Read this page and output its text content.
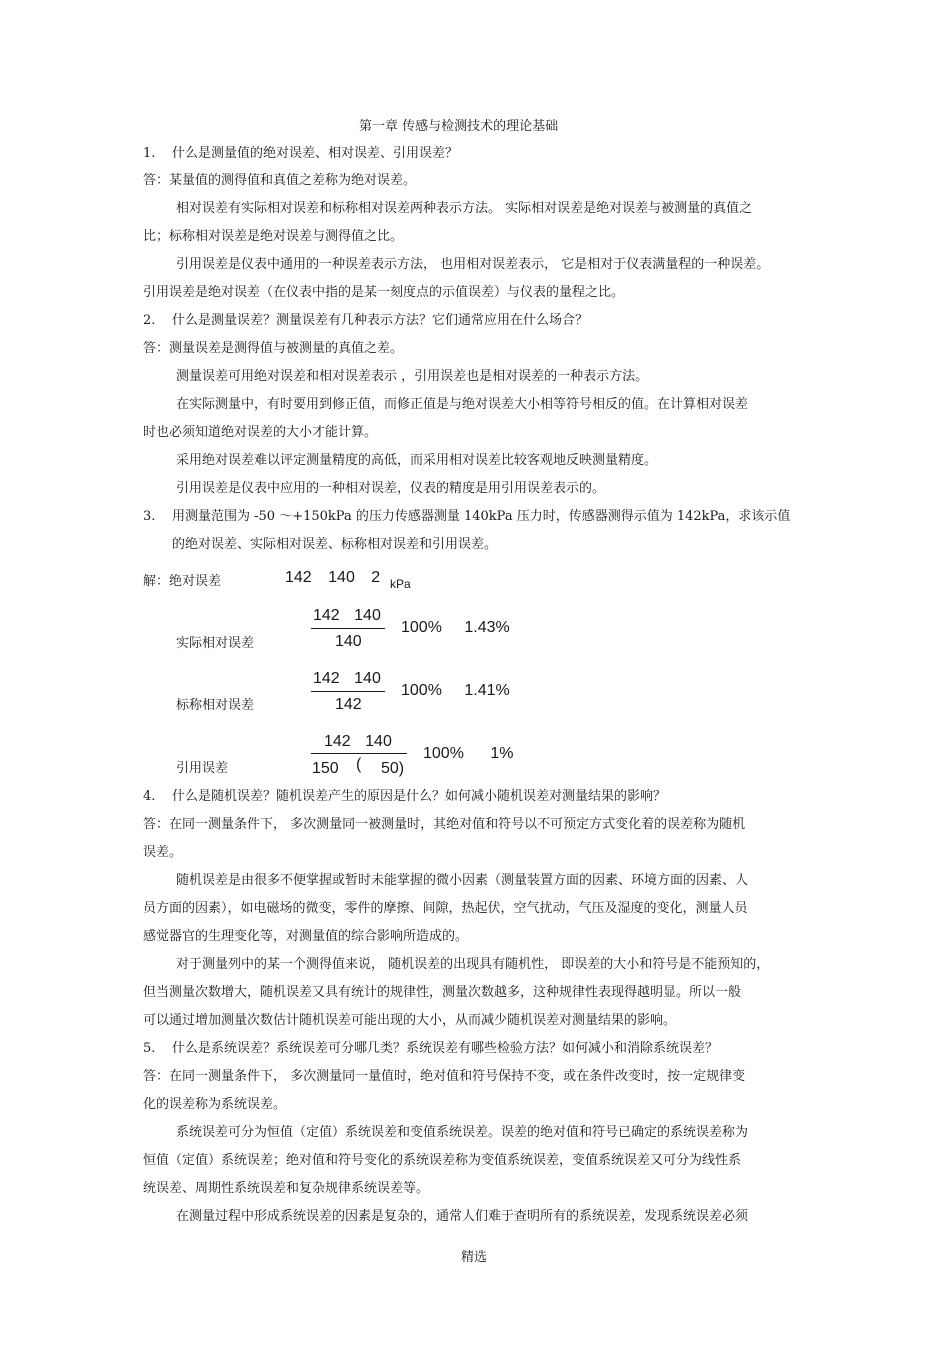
第一章 传感与检测技术的理论基础
1. 什么是测量值的绝对误差、相对误差、引用误差？
答：某量值的测得值和真值之差称为绝对误差。
相对误差有实际相对误差和标称相对误差两种表示方法。 实际相对误差是绝对误差与被测量的真值之
比；标称相对误差是绝对误差与测得值之比。
引用误差是仪表中通用的一种误差表示方法， 也用相对误差表示， 它是相对于仪表满量程的一种误差。
引用误差是绝对误差（在仪表中指的是某一刻度点的示值误差）与仪表的量程之比。
2. 什么是测量误差？测量误差有几种表示方法？它们通常应用在什么场合？
答：测量误差是测得值与被测量的真值之差。
测量误差可用绝对误差和相对误差表示 ，引用误差也是相对误差的一种表示方法。
在实际测量中，有时要用到修正值，而修正值是与绝对误差大小相等符号相反的值。在计算相对误差
时也必须知道绝对误差的大小才能计算。
采用绝对误差难以评定测量精度的高低，而采用相对误差比较客观地反映测量精度。
引用误差是仪表中应用的一种相对误差，仪表的精度是用引用误差表示的。
3. 用测量范围为 -50 ～+150kPa 的压力传感器测量 140kPa 压力时，传感器测得示值为 142kPa，求该示值
的绝对误差、实际相对误差、标称相对误差和引用误差。
解：绝对误差	142 140 2 kPa
实际相对误差
142 140
140
100% 1.43%
标称相对误差
142 140
142
100% 1.41%
引用误差
142 140
150 ( 50)
100% 1%
4. 什么是随机误差？随机误差产生的原因是什么？如何减小随机误差对测量结果的影响？
答：在同一测量条件下， 多次测量同一被测量时，其绝对值和符号以不可预定方式变化着的误差称为随机
误差。
随机误差是由很多不便掌握或暂时未能掌握的微小因素（测量装置方面的因素、环境方面的因素、人
员方面的因素），如电磁场的微变，零件的摩擦、间隙，热起伏，空气扰动，气压及湿度的变化，测量人员
感觉器官的生理变化等，对测量值的综合影响所造成的。
对于测量列中的某一个测得值来说， 随机误差的出现具有随机性， 即误差的大小和符号是不能预知的，
但当测量次数增大，随机误差又具有统计的规律性，测量次数越多，这种规律性表现得越明显。所以一般
可以通过增加测量次数估计随机误差可能出现的大小，从而减少随机误差对测量结果的影响。
5. 什么是系统误差？系统误差可分哪几类？系统误差有哪些检验方法？如何减小和消除系统误差？
答：在同一测量条件下， 多次测量同一量值时，绝对值和符号保持不变，或在条件改变时，按一定规律变
化的误差称为系统误差。
系统误差可分为恒值（定值）系统误差和变值系统误差。误差的绝对值和符号已确定的系统误差称为
恒值（定值）系统误差；绝对值和符号变化的系统误差称为变值系统误差，变值系统误差又可分为线性系
统误差、周期性系统误差和复杂规律系统误差等。
在测量过程中形成系统误差的因素是复杂的，通常人们难于查明所有的系统误差，发现系统误差必须
精选
